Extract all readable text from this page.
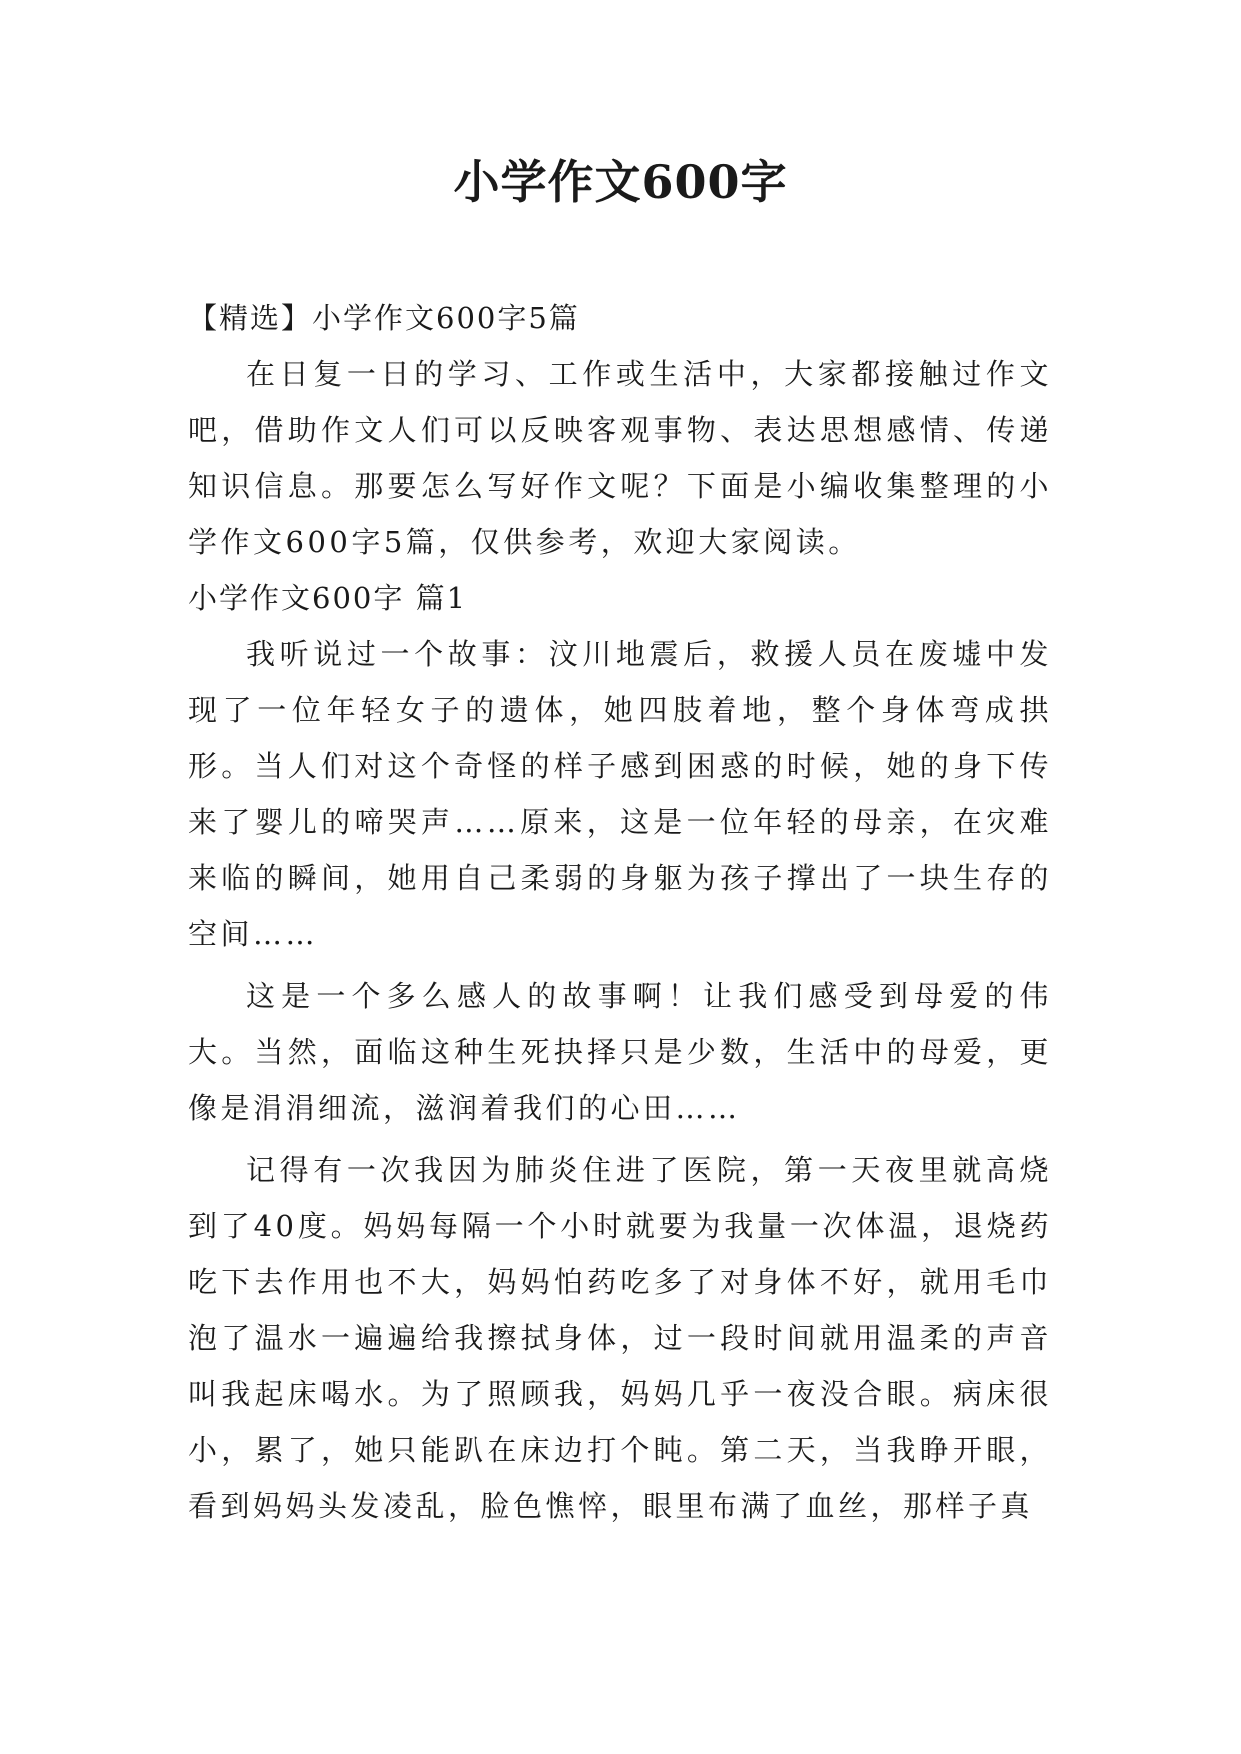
小学作文600字

【精选】小学作文600字5篇

在日复一日的学习、工作或生活中，大家都接触过作文吧，借助作文人们可以反映客观事物、表达思想感情、传递知识信息。那要怎么写好作文呢？下面是小编收集整理的小学作文600字5篇，仅供参考，欢迎大家阅读。

小学作文600字 篇1

我听说过一个故事：汶川地震后，救援人员在废墟中发现了一位年轻女子的遗体，她四肢着地，整个身体弯成拱形。当人们对这个奇怪的样子感到困惑的时候，她的身下传来了婴儿的啼哭声……原来，这是一位年轻的母亲，在灾难来临的瞬间，她用自己柔弱的身躯为孩子撑出了一块生存的空间……

这是一个多么感人的故事啊！让我们感受到母爱的伟大。当然，面临这种生死抉择只是少数，生活中的母爱，更像是涓涓细流，滋润着我们的心田……

记得有一次我因为肺炎住进了医院，第一天夜里就高烧到了40度。妈妈每隔一个小时就要为我量一次体温，退烧药吃下去作用也不大，妈妈怕药吃多了对身体不好，就用毛巾泡了温水一遍遍给我擦拭身体，过一段时间就用温柔的声音叫我起床喝水。为了照顾我，妈妈几乎一夜没合眼。病床很小，累了，她只能趴在床边打个盹。第二天，当我睁开眼，看到妈妈头发凌乱，脸色憔悴，眼里布满了血丝，那样子真
